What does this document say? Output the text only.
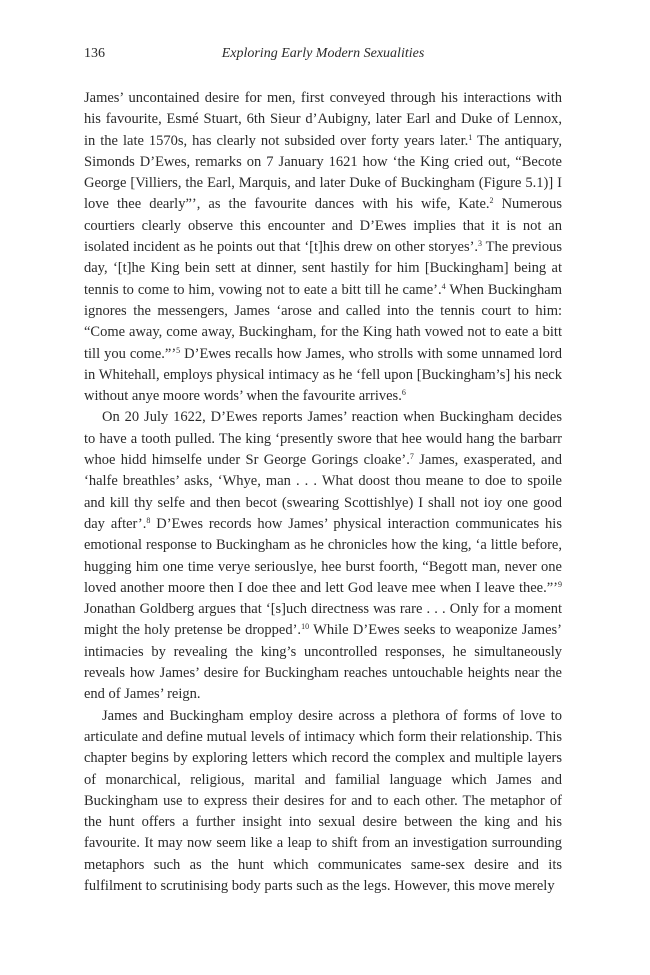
136	Exploring Early Modern Sexualities

James’ uncontained desire for men, first conveyed through his interactions with his favourite, Esmé Stuart, 6th Sieur d’Aubigny, later Earl and Duke of Lennox, in the late 1570s, has clearly not subsided over forty years later.$^1$ The antiquary, Simonds D’Ewes, remarks on 7 January 1621 how ‘the King cried out, “Becote George [Villiers, the Earl, Marquis, and later Duke of Buckingham (Figure 5.1)] I love thee dearly”’, as the favourite dances with his wife, Kate.$^2$ Numerous courtiers clearly observe this encounter and D’Ewes implies that it is not an isolated incident as he points out that ‘[t]his drew on other storyes’.$^3$ The previous day, ‘[t]he King bein sett at dinner, sent hastily for him [Buckingham] being at tennis to come to him, vowing not to eate a bitt till he came’.$^4$ When Buckingham ignores the messengers, James ‘arose and called into the tennis court to him: “Come away, come away, Buckingham, for the King hath vowed not to eate a bitt till you come.”’$^5$ D’Ewes recalls how James, who strolls with some unnamed lord in Whitehall, employs physical intimacy as he ‘fell upon [Buckingham’s] his neck without anye moore words’ when the favourite arrives.$^6$

On 20 July 1622, D’Ewes reports James’ reaction when Buckingham decides to have a tooth pulled. The king ‘presently swore that hee would hang the barbarr whoe hidd himselfe under Sr George Gorings cloake’.$^7$ James, exasperated, and ‘halfe breathles’ asks, ‘Whye, man . . . What doost thou meane to doe to spoile and kill thy selfe and then becot (swearing Scottishlye) I shall not ioy one good day after’.$^8$ D’Ewes records how James’ physical interaction communicates his emotional response to Buckingham as he chronicles how the king, ‘a little before, hugging him one time verye seriouslye, hee burst foorth, “Begott man, never one loved another moore then I doe thee and lett God leave mee when I leave thee.”’$^9$ Jonathan Goldberg argues that ‘[s]uch directness was rare . . . Only for a moment might the holy pretense be dropped’.$^{10}$ While D’Ewes seeks to weaponize James’ intimacies by revealing the king’s uncontrolled responses, he simultaneously reveals how James’ desire for Buckingham reaches untouchable heights near the end of James’ reign.

James and Buckingham employ desire across a plethora of forms of love to articulate and define mutual levels of intimacy which form their relationship. This chapter begins by exploring letters which record the complex and multiple layers of monarchical, religious, marital and familial language which James and Buckingham use to express their desires for and to each other. The metaphor of the hunt offers a further insight into sexual desire between the king and his favourite. It may now seem like a leap to shift from an investigation surrounding metaphors such as the hunt which communicates same-sex desire and its fulfilment to scrutinising body parts such as the legs. However, this move merely
